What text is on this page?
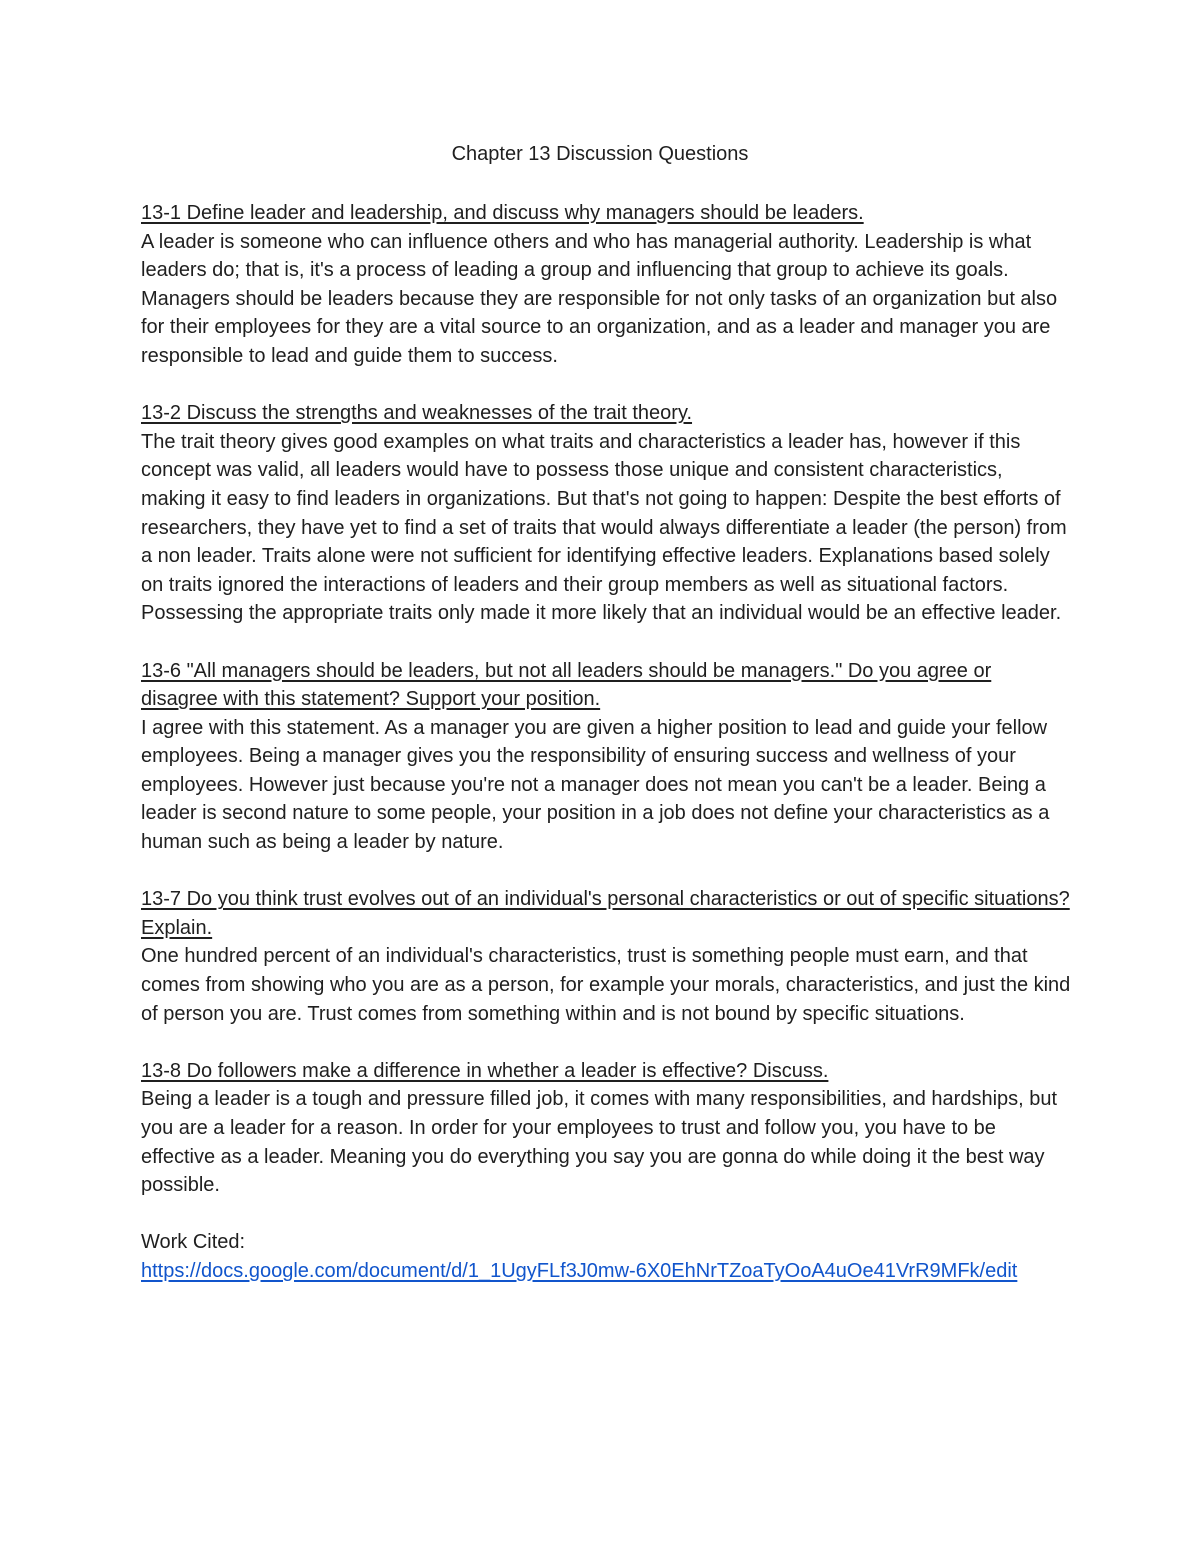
Chapter 13 Discussion Questions

13-1 Define leader and leadership, and discuss why managers should be leaders.

A leader is someone who can influence others and who has managerial authority. Leadership is what leaders do; that is, it's a process of leading a group and influencing that group to achieve its goals. Managers should be leaders because they are responsible for not only tasks of an organization but also for their employees for they are a vital source to an organization, and as a leader and manager you are responsible to lead and guide them to success.

13-2 Discuss the strengths and weaknesses of the trait theory.

The trait theory gives good examples on what traits and characteristics a leader has, however if this concept was valid, all leaders would have to possess those unique and consistent characteristics, making it easy to find leaders in organizations. But that's not going to happen: Despite the best efforts of researchers, they have yet to find a set of traits that would always differentiate a leader (the person) from a non leader. Traits alone were not sufficient for identifying effective leaders. Explanations based solely on traits ignored the interactions of leaders and their group members as well as situational factors. Possessing the appropriate traits only made it more likely that an individual would be an effective leader.

13-6 "All managers should be leaders, but not all leaders should be managers." Do you agree or disagree with this statement? Support your position.

I agree with this statement. As a manager you are given a higher position to lead and guide your fellow employees. Being a manager gives you the responsibility of ensuring success and wellness of your employees. However just because you're not a manager does not mean you can't be a leader. Being a leader is second nature to some people, your position in a job does not define your characteristics as a human such as being a leader by nature.

13-7 Do you think trust evolves out of an individual's personal characteristics or out of specific situations? Explain.

One hundred percent of an individual's characteristics, trust is something people must earn, and that comes from showing who you are as a person, for example your morals, characteristics, and just the kind of person you are. Trust comes from something within and is not bound by specific situations.

13-8 Do followers make a difference in whether a leader is effective? Discuss.

Being a leader is a tough and pressure filled job, it comes with many responsibilities, and hardships, but you are a leader for a reason. In order for your employees to trust and follow you, you have to be effective as a leader. Meaning you do everything you say you are gonna do while doing it the best way possible.

Work Cited:

https://docs.google.com/document/d/1_1UgyFLf3J0mw-6X0EhNrTZoaTyOoA4uOe41VrR9MFk/edit
